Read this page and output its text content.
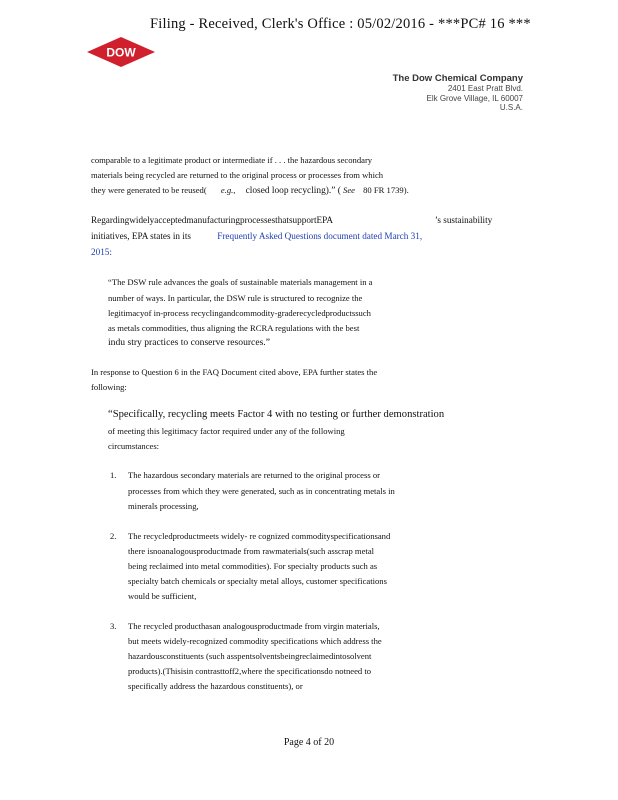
Filing - Received, Clerk's Office : 05/02/2016 - ***PC# 16 ***
DOW
The Dow Chemical Company
2401 East Pratt Blvd.
Elk Grove Village, IL 60007
U.S.A.
comparable to a legitimate product or intermediate if . . . the hazardous secondary
materials being recycled are returned to the original process or processes from which
they were generated to be reused( e.g., closed loop recycling).” ( See 80 FR 1739).
RegardingwidelyacceptedmanufacturingprocessesthatsupportEPA	’s sustainability
initiatives, EPA states in its	Frequently Asked Questions document dated March 31,
2015:
“The DSW rule advances the goals of sustainable materials management in a
number of ways. In particular, the DSW rule is structured to recognize the
legitimacyof in-process recyclingandcommodity-graderecycledproductssuch
as metals commodities, thus aligning the RCRA regulations with the best
indu stry practices to conserve resources.”
In response to Question 6 in the FAQ Document cited above, EPA further states the
following:
“Specifically, recycling meets Factor 4 with no testing or further demonstration
of meeting this legitimacy factor required under any of the following
circumstances:
1. The hazardous secondary materials are returned to the original process or
processes from which they were generated, such as in concentrating metals in
minerals processing,
2. The recycledproductmeets widely- re cognized commodityspecificationsand
there isnoanalogousproductmade from rawmaterials(such asscrap metal
being reclaimed into metal commodities). For specialty products such as
specialty batch chemicals or specialty metal alloys, customer specifications
would be sufficient,
3. The recycled producthasan analogousproductmade from virgin materials,
but meets widely-recognized commodity specifications which address the
hazardousconstituents (such asspentsolventsbeingreclaimedintosolvent
products).(Thisisin contrasttoff2,where the specificationsdo notneed to
specifically address the hazardous constituents), or
Page 4 of 20
